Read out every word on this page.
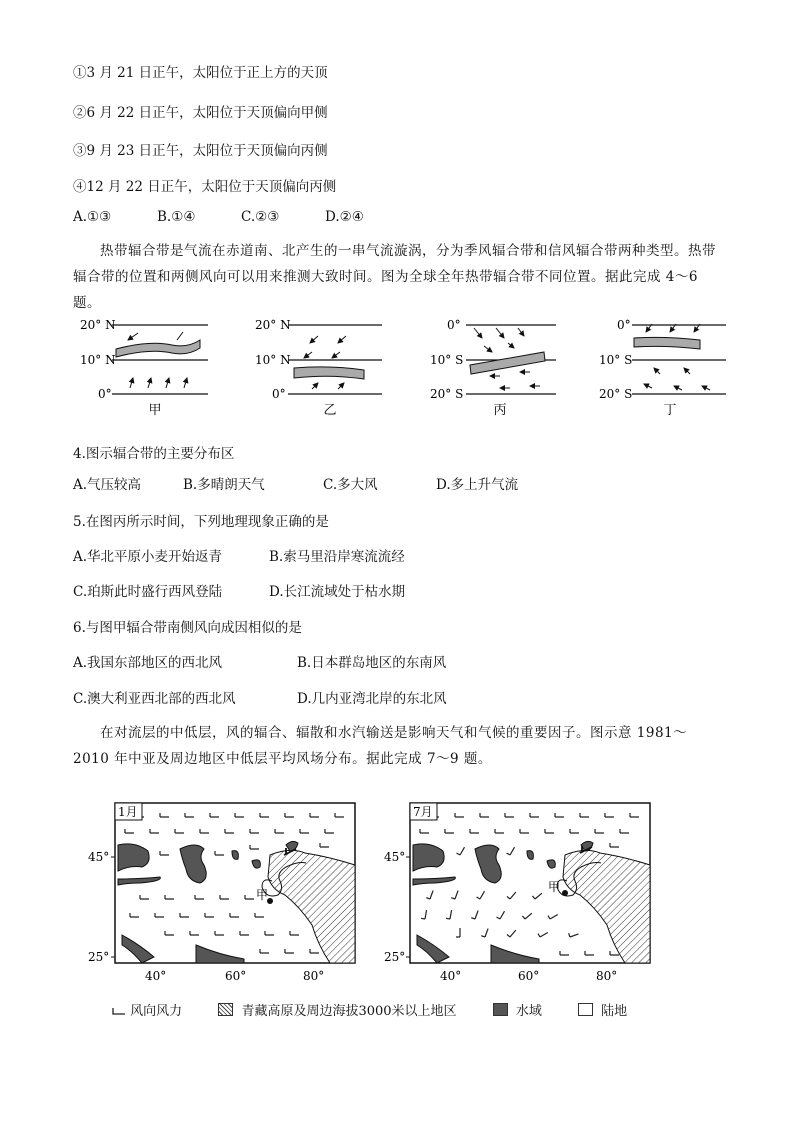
①3 月 21 日正午，太阳位于正上方的天顶
②6 月 22 日正午，太阳位于天顶偏向甲侧
③9 月 23 日正午，太阳位于天顶偏向丙侧
④12 月 22 日正午，太阳位于天顶偏向丙侧
A.①③	B.①④	C.②③	D.②④
热带辐合带是气流在赤道南、北产生的一串气流漩涡，分为季风辐合带和信风辐合带两种类型。热带辐合带的位置和两侧风向可以用来推测大致时间。图为全球全年热带辐合带不同位置。据此完成 4～6 题。
20° N
10° N
0°
甲
20° N
10° N
0°
乙
0°
10° S
20° S
丙
0°
10° S
20° S
丁
4.图示辐合带的主要分布区
A.气压较高	B.多晴朗天气	C.多大风	D.多上升气流
5.在图丙所示时间，下列地理现象正确的是
A.华北平原小麦开始返青	B.索马里沿岸寒流流经
C.珀斯此时盛行西风登陆	D.长江流域处于枯水期
6.与图甲辐合带南侧风向成因相似的是
A.我国东部地区的西北风	B.日本群岛地区的东南风
C.澳大利亚西北部的西北风	D.几内亚湾北岸的东北风
在对流层的中低层，风的辐合、辐散和水汽输送是影响天气和气候的重要因子。图示意 1981～2010 年中亚及周边地区中低层平均风场分布。据此完成 7～9 题。
甲
1月
45°
25°
40°	60°	80°
甲
7月
45°
25°
40°	60°	80°
风向风力	青藏高原及周边海拔3000米以上地区	水域	陆地
